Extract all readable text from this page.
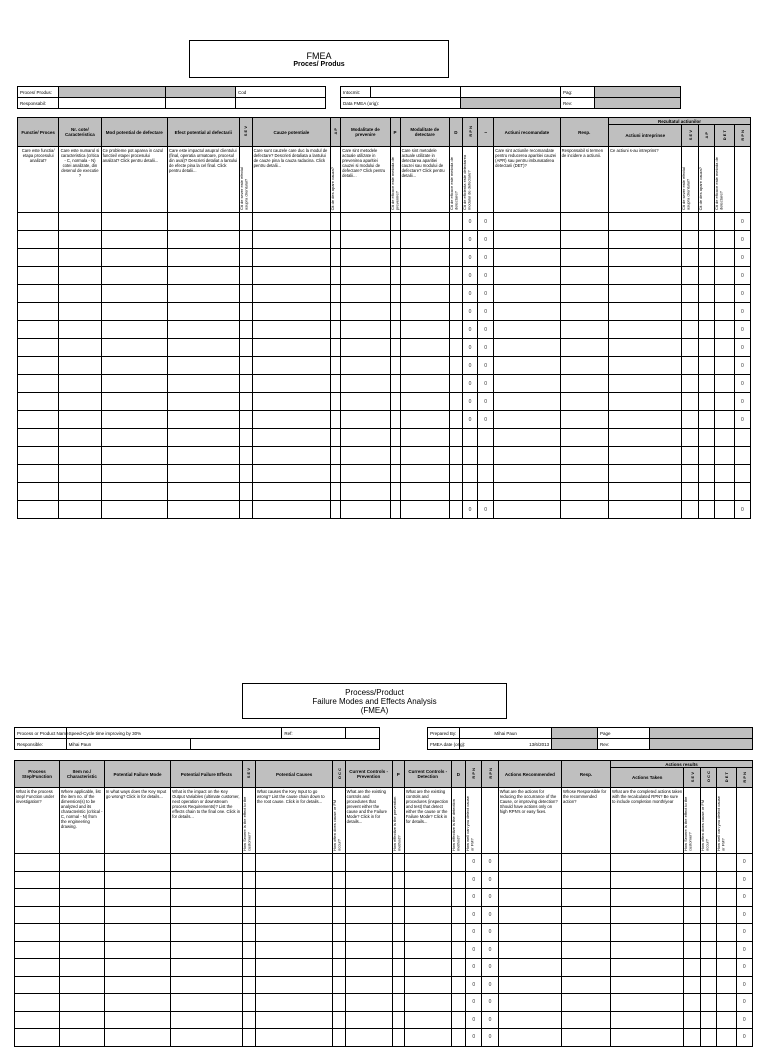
FMEA
Proces/ Produs
Proces/ Produs:			Cod		Intocmit:			Pag:	
Responsabil:					Data FMEA (orig):			Rev:	
Functie/ Proces	Nr. cote/ Caracteristica	Mod potential de defectare	Efect potential al defectarii	S E V	Cauze potentiale	A P	Modalitate de prevenire	P	Modalitate de detectare	D	R P N	I	Actiuni recomandate	Resp.	Rezultatul actiunilor				
															Actiuni intreprinse	S E V	A P	D E T	R P N
Care este functia/ etapa procesului analizat?	Care este numarul si caracteristica (critica - C, normala - N) cotei analizate, din desenul de executie ?	Ce probleme pot aparea in cazul functiei/ etapei procesului analizat? Click pentru detalii...	Care este impactul asupra/ clientului (final, operatia urmatoare, procesul din aval)? Descrieti detaliat a lantului de efecte pina la cel final. Click pentru detalii...	Cit de sever este efectul asupra clientului?	Care sunt cauzele care duc la modul de defectare? Descrieti detaliata a lantului de cauze pina la cauza radacina. Click pentru detalii...	Cit de des apare cauza?	Care sint metodele actuale utilizate in prevenirea aparitiei cauzei si modului de defectare? Click pentru detalii...	Cit de eficace este metoda de prevenire?	Care sint metodele actuale utilizate in detectarea aparitiei cauzei sau modului de defectare? Click pentru detalii...	Cit de eficace este metoda de detectare?	Cit de eficienta este detectarea modului de defectare?		Care sint actiunile recomandate pentru reducerea aparitiei cauzei (APR) sau pentru imbunatatirea detectarii (DET)?	Responsabil si termen de incidere a actiunii.	Ce actiuni s-au intreprins?	Cit de sever este efectul asupra clientului?	Cit de des apare cauza?	Cit de eficace este metoda de detectare?	
											0	0							0
											0	0							0
											0	0							0
											0	0							0
											0	0							0
											0	0							0
											0	0							0
											0	0							0
											0	0							0
											0	0							0
											0	0							0
											0	0							0

											0	0							0
Process/Product
Failure Modes and Effects Analysis
(FMEA)
Process or Product Name:	Speed-Cycle time improving by 30%		Ref:			Prepared By:	Mihai Paun		Page	
Responsible:	Mihai Paun					FMEA date (orig):	13/6/2013		Rev:	
Process Step/Function	Item no./ Characteristic	Potential Failure Mode	Potential Failure Effects	S E V	Potential Causes	O C C	Current Controls - Prevention	P	Current Controls - Detection	D	R P N	R P N	Actions Recommended	Resp.	Actions results				
															Actions Taken	S E V	O C C	D E T	R P N
What is the process step/ Function under investigation?	Where applicable, list the item no. of the dimension(s) to be analyzed and its characteristic (critical - C, normal - N) from the engineering drawing.	In what ways does the Key Input go wrong? Click in for details...	What is the impact on the Key Output Variables (ultimate customer, next operation or downstream process Requirements)? List the effects chain to the final one. Click in for details...	How Severe is the effect to the customer?	What causes the Key Input to go wrong? List the cause chain down to the root cause. Click in for details...	How often does cause or FM occur?	What are the existing controls and procedures that prevent either the cause and the Failure Mode? Click in for details...	How effective is the prevention method?	What are the existing controls and procedures (inspection and test) that detect either the cause or the Failure Mode? Click in for details...	How effective is the detection method?	How well can you detect cause or FM?		What are the actions for reducing the occurrance of the Cause, or improving detection? Should have actions only on high RPN's or easy fixes.	Whose Responsible for the recommended action?	What are the completed actions taken with the recalculated RPN? Be sure to include completion month/year	How Severe is the effect to the customer?	How often does cause or FM occur?	How well can you detect cause or FM?	
											0	0							0
											0	0							0
											0	0							0
											0	0							0
											0	0							0
											0	0							0
											0	0							0
											0	0							0
											0	0							0
											0	0							0
											0	0							0
